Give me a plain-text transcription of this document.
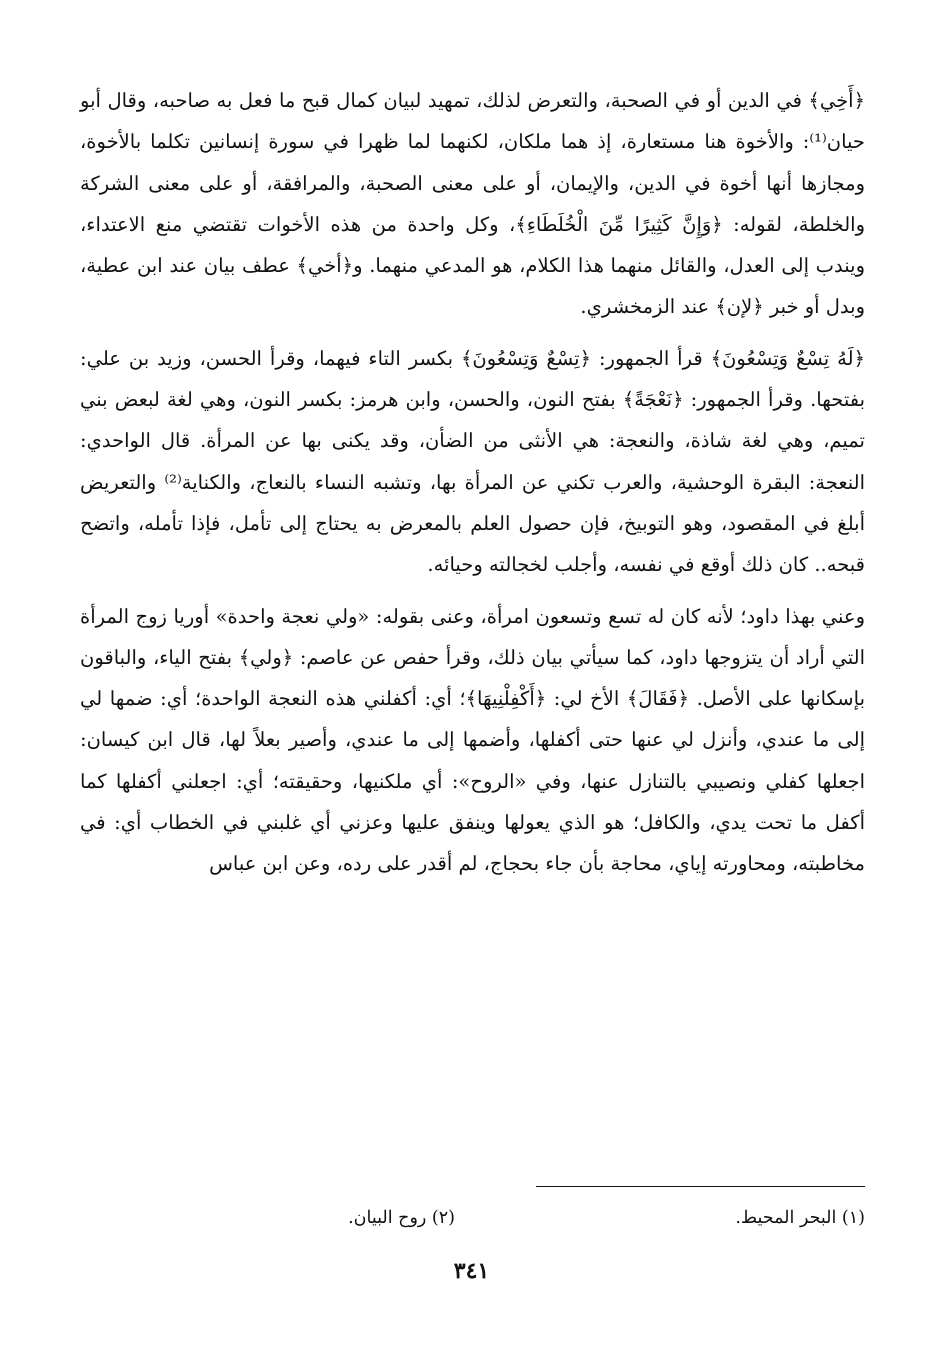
﴿أَخِي﴾ في الدين أو في الصحبة، والتعرض لذلك، تمهيد لبيان كمال قبح ما فعل به صاحبه، وقال أبو حيان⁽¹⁾: والأخوة هنا مستعارة، إذ هما ملكان، لكنهما لما ظهرا في سورة إنسانين تكلما بالأخوة، ومجازها أنها أخوة في الدين، والإيمان، أو على معنى الصحبة، والمرافقة، أو على معنى الشركة والخلطة، لقوله: ﴿وَإِنَّ كَثِيرًا مِّنَ الْخُلَطَاءِ﴾، وكل واحدة من هذه الأخوات تقتضي منع الاعتداء، ويندب إلى العدل، والقائل منهما هذا الكلام، هو المدعي منهما. و﴿أخي﴾ عطف بيان عند ابن عطية، وبدل أو خبر ﴿لإن﴾ عند الزمخشري.

﴿لَهُ تِسْعٌ وَتِسْعُونَ﴾ قرأ الجمهور: ﴿تِسْعٌ وَتِسْعُونَ﴾ بكسر التاء فيهما، وقرأ الحسن، وزيد بن علي: بفتحها. وقرأ الجمهور: ﴿نَعْجَةً﴾ بفتح النون، والحسن، وابن هرمز: بكسر النون، وهي لغة لبعض بني تميم، وهي لغة شاذة، والنعجة: هي الأنثى من الضأن، وقد يكنى بها عن المرأة. قال الواحدي: النعجة: البقرة الوحشية، والعرب تكني عن المرأة بها، وتشبه النساء بالنعاج، والكناية⁽²⁾ والتعريض أبلغ في المقصود، وهو التوبيخ، فإن حصول العلم بالمعرض به يحتاج إلى تأمل، فإذا تأمله، واتضح قبحه.. كان ذلك أوقع في نفسه، وأجلب لخجالته وحيائه.

وعني بهذا داود؛ لأنه كان له تسع وتسعون امرأة، وعنى بقوله: «ولي نعجة واحدة» أوريا زوج المرأة التي أراد أن يتزوجها داود، كما سيأتي بيان ذلك، وقرأ حفص عن عاصم: ﴿ولي﴾ بفتح الياء، والباقون بإسكانها على الأصل. ﴿فَقَالَ﴾ الأخ لي: ﴿أَكْفِلْنِيهَا﴾؛ أي: أكفلني هذه النعجة الواحدة؛ أي: ضمها لي إلى ما عندي، وأنزل لي عنها حتى أكفلها، وأضمها إلى ما عندي، وأصير بعلاً لها، قال ابن كيسان: اجعلها كفلي ونصيبي بالتنازل عنها، وفي «الروح»: أي ملكنيها، وحقيقته؛ أي: اجعلني أكفلها كما أكفل ما تحت يدي، والكافل؛ هو الذي يعولها وينفق عليها وعزني أي غلبني في الخطاب أي: في مخاطبته، ومحاورته إياي، محاجة بأن جاء بحجاج، لم أقدر على رده، وعن ابن عباس

(١) البحر المحيط.
(٢) روح البيان.
٣٤١
